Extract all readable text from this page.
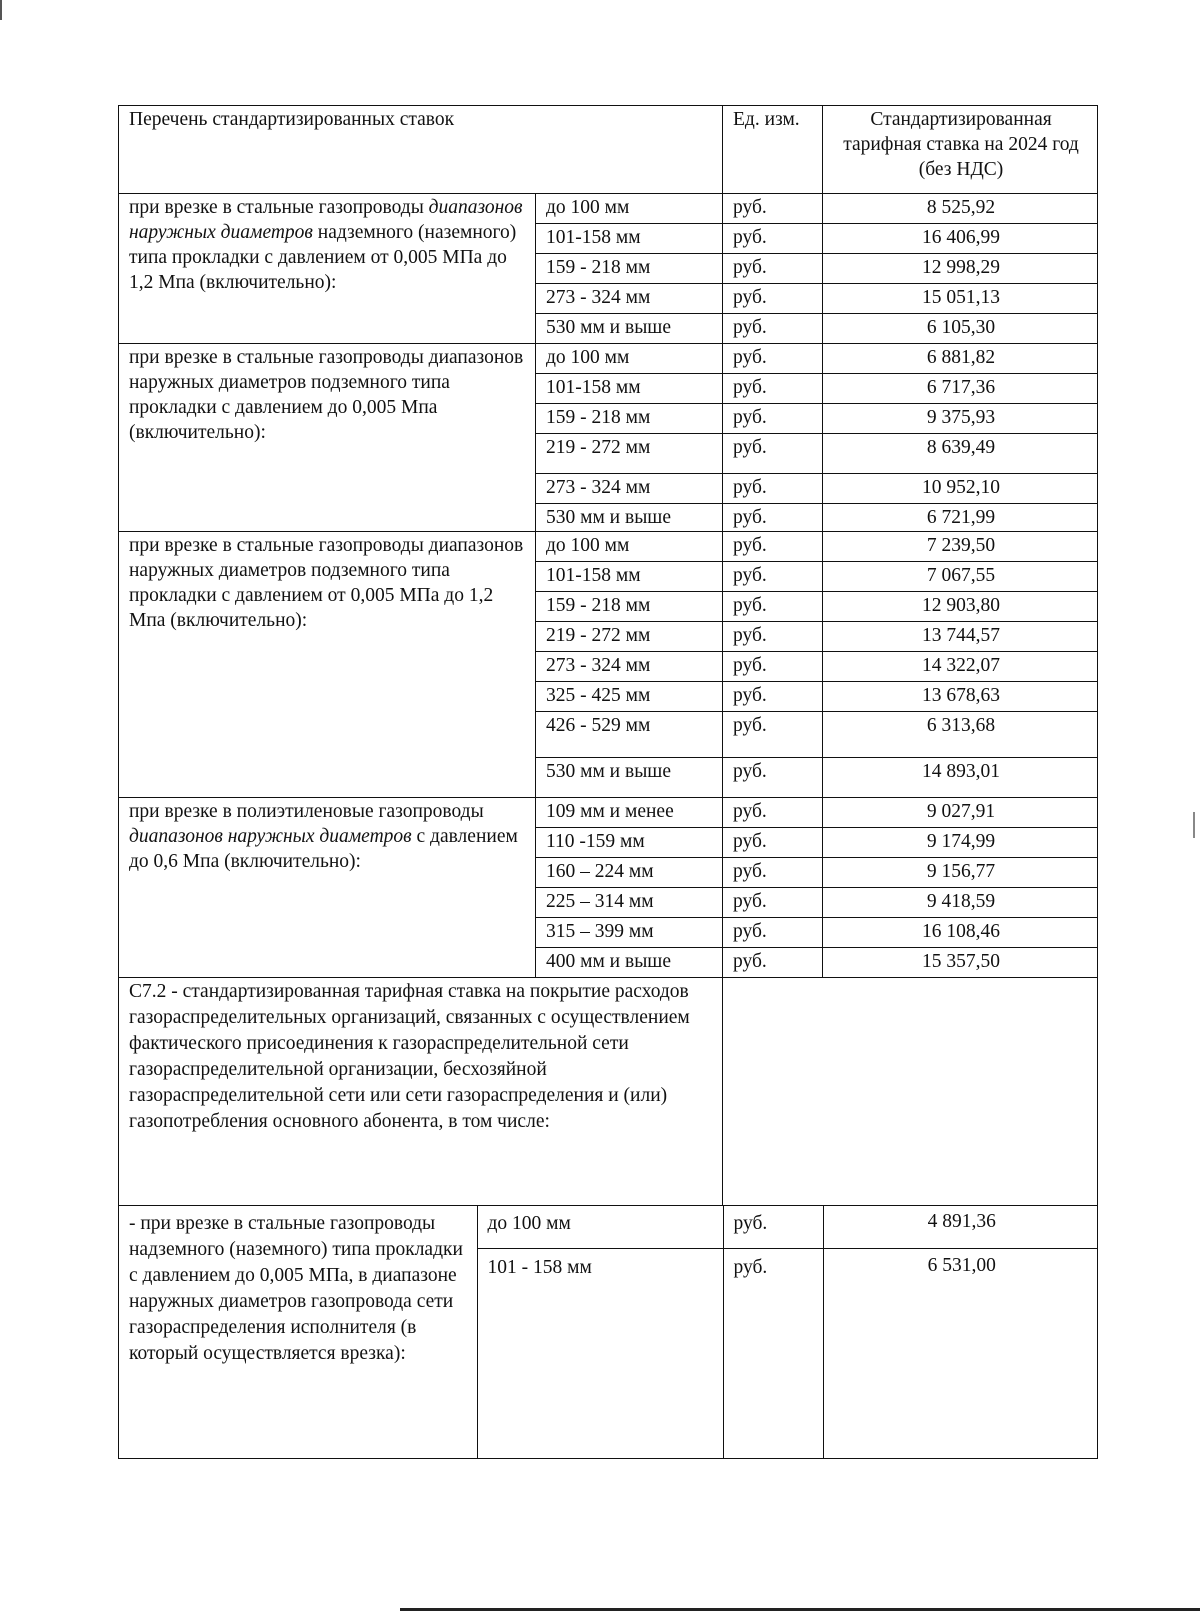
Перечень стандартизированных ставок	Ед. изм.	Стандартизированная тарифная ставка на 2024 год (без НДС)
при врезке в стальные газопроводы диапазонов наружных диаметров надземного (наземного) типа прокладки с давлением от 0,005 МПа до 1,2 Мпа (включительно):	до 100 мм	руб.	8 525,92
101-158 мм	руб.	16 406,99
159 - 218 мм	руб.	12 998,29
273 - 324 мм	руб.	15 051,13
530 мм и выше	руб.	6 105,30
при врезке в стальные газопроводы диапазонов наружных диаметров подземного типа прокладки с давлением до 0,005 Мпа (включительно):	до 100 мм	руб.	6 881,82
101-158 мм	руб.	6 717,36
159 - 218 мм	руб.	9 375,93
219 - 272 мм	руб.	8 639,49
273 - 324 мм	руб.	10 952,10
530 мм и выше	руб.	6 721,99
при врезке в стальные газопроводы диапазонов наружных диаметров подземного типа прокладки с давлением от 0,005 МПа до 1,2 Мпа (включительно):	до 100 мм	руб.	7 239,50
101-158 мм	руб.	7 067,55
159 - 218 мм	руб.	12 903,80
219 - 272 мм	руб.	13 744,57
273 - 324 мм	руб.	14 322,07
325 - 425 мм	руб.	13 678,63
426 - 529 мм	руб.	6 313,68
530 мм и выше	руб.	14 893,01
при врезке в полиэтиленовые газопроводы диапазонов наружных диаметров с давлением до 0,6 Мпа (включительно):	109 мм и менее	руб.	9 027,91
110 -159 мм	руб.	9 174,99
160 – 224 мм	руб.	9 156,77
225 – 314 мм	руб.	9 418,59
315 – 399 мм	руб.	16 108,46
400 мм и выше	руб.	15 357,50
С7.2 - стандартизированная тарифная ставка на покрытие расходов газораспределительных организаций, связанных с осуществлением фактического присоединения к газораспределительной сети газораспределительной организации, бесхозяйной газораспределительной сети или сети газораспределения и (или) газопотребления основного абонента, в том числе:	

- при врезке в стальные газопроводы надземного (наземного) типа прокладки с давлением до 0,005 МПа, в диапазоне наружных диаметров газопровода сети газораспределения исполнителя (в который осуществляется врезка):	до 100 мм	руб.	4 891,36
101 - 158 мм	руб.	6 531,00
